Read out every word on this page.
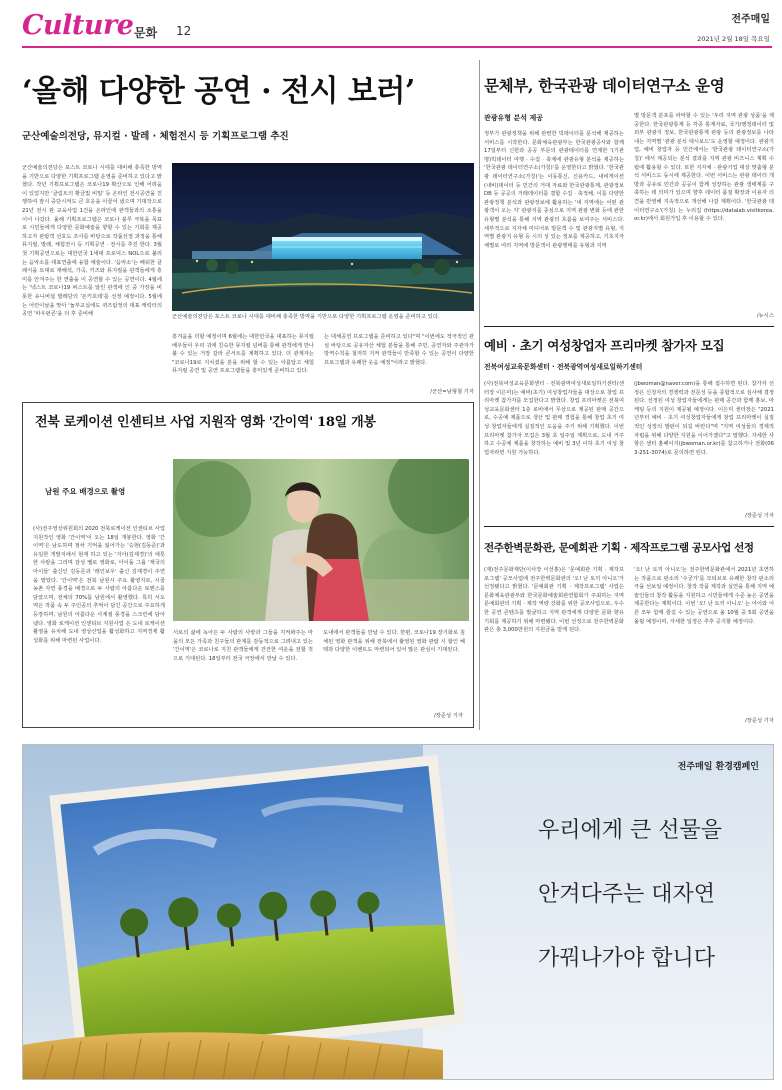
Culture 문화 12
전주매일
2021년 2월 18일 목요일
‘올해 다양한 공연 · 전시 보러’
군산예술의전당, 뮤지컬 · 발레 · 체험전시 등 기획프로그램 추진
군산예술의전당은 포스트 코로나 시대를 대비해 충족한 방역을 기반으로 다양한 기획프로그램 운영을 준비하고 있다고 밝혔다. 작년 기획프로그램은 코로나19 확산으로 인해 어려움이 있었지만 '클림트의 황금빛 비밀' 등 온라인 전시공연을 진행하여 잠시 중단시켜도 큰 호응을 이끌어 냈으며 기대작으로 21년 전시 관 교육사업 1건을 온라인에 관객들과의 소통을 이어 나갔다. 올해 기획프로그램은 코로나 블루 극복을 목표로 시민들에게 다양한 문화예술을 향할 수 있는 기회를 제공하고자 관람객 선호도 조사를 바탕으로 작품선정 과정을 통해 뮤지컬, 발레, 체험전시 등 기획공연 · 전시를 추진 한다. 3월 첫 기획공연으로는 대한민국 1세대 프로덕스 NOL으로 불리는 음악소를 대표연출에 융합 예술이다. '음악소'는 배워한 클래식을 토대로 재해석, 가곡, 키즈와 뮤지컬을 관객들에게 흥미를 안겨주는 한 연출을 이 공연할 수 있는 공연이다. 4월에는 '넥스트 코로나19 퍼스트를 알린 관객에 인 중 가장을 비롯한 유니버셜 발레단의 '돈키호테'를 선정 예정이다. 5월에는 어린이날을 맞아 '놀부교실에도 퀴즈탐정의 대표 캐릭터의 공연 '파우펀콘'을 더 후 준비해	군산예술의전당은 포스트 코로나 시대를 대비해 충족한 방역을 기반으로 다양한 기획프로그램 운영을 준비하고 있다.
흥겨움을 더할 예정이며 6월에는 대한민국을 대표하는 뮤지컬 배우들이 우리 귀에 친숙한 뮤지컬 넘버를 통해 관객에게 만나 볼 수 있는 거장 갈라 콘서트를 계획하고 있다. 더 관계자는 "코로나19로 지치셨을 분을 위해 할 수 있는 아름답고 체험 뮤지컬 공연 및 공연 프로그램들을 흥미있게 준비하고 있다.
는 대체공연 프로그램을 준비하고 있다"며 "이번에도 적극적인 관심 바탕으로 공유자산 체험 분들을 통해 주민, 공연자와 주관자가 방역수칙을 철저히 지켜 관객들이 만족할 수 있는 공연이 다양한 프로그램과 유쾌한 웃음 예정"이라고 밝혔다.
/군산=남형철 기자
문체부, 한국관광 데이터연구소 운영
관광유형 분석 제공
정부가 관광정책을 위해 관련한 빅데이터를 문석해 제공하는 서비스를 시작한다. 문화체육관광부는 한국관광공사와 함께 17일부터 신한과 공공 부문의 관광데이터를 연계한 '(기관명)빅데이터 여행 · 수집 · 축제에 관광유형 분석을 제공하는 '한국관광 데이터연구소(가칭)'를 운영한다고 밝혔다. '한국관광 데이터연구소(가칭)'는 이동통신, 신용카드, 내비게이션(내비)데이터 등 민간의 거대 자료와 한국관광통계, 관광정보DB 등 공공의 거래데이터를 결합 수집 · 축적해, 이를 다양한 관광정책 분석과 관광정보에 활용하는 '내 지역에는 어떤 관광객이 오는 지' 관광지를 중심으로 지역 관광 변화 등에 관한 유형별 분석을 통해 지역 관광의 흐름을 보여주는 서비스다. 세부적으로 지자체 미디어로 방문객 수 및 관광지별 유형, 지역별 관광지 유형 등 시의 성 있는 정보를 제공하고, 기초지자체별로 여러 지역에 방문객이 관광행태를 유형과 지역
별 방문객 분포를 파악할 수 있는 '우리 지역 관광 상품'을 제공한다. 한국관광통계 등 각종 통계자료, 국가/행정데이터 및 외부 관광지 정보, 한국관광통계 관광 등의 관광정보를 나타내는 지역별 '관광 분석 대시보드'도 운영할 예정이다. 관광기업, 예비 창업자 등 민간에서는 '한국관광 데이터연구소(가칭)' 에서 제공되는 분석 결과를 지역 관광 비즈니스 계획 수립에 활용할 수 있다. 또한 지자체 · 관광기업 대상 맞춤형 분석 서비스도 동시에 제공한다. 이번 서비스는 관광 데이터 개방과 공유로 민간과 공공이 함께 성장하는 관광 생태계를 구축하는 데 의미가 있으며 향후 데이터 품질 확장과 이용자 의견을 반영해 지속적으로 개선해 나갈 계획이다. '한국관광 데이터연구소'(가칭) 는 누리집 (https://datalab.visitkorea.or.kr)에서 회원가입 후 이용할 수 있다.
/뉴시스
예비 · 초기 여성창업자 프리마켓 참가자 모집
전북여성교육문화센터 · 전북광역여성새로일하기센터
(사)전북여성교육문화센터 · 전북광역여성새로일하기센터(센터장 이은미)는 예비(초기) 여성창업자들을 대상으로 창업 프리마켓 참가자를 모집한다고 밝혔다. 창업 프리마켓은 전북여성교육문화센터 1층 로비에서 무상으로 제공된 판매 공간으로, 수공예 제품으로 생산 및 판매 경험을 통해 창업 초기 여성 창업자들에게 실질적인 도움을 주기 위해 기획했다. 이번 프리마켓 참가자 모집은 3월 초 일주일 계획으로, 도내 거주하고 수공예 제품을 창작하는 예비 및 3년 이하 초기 여성 창업자라면 지원 가능하다.
(jbwoman@naver.com)을 통해 접수하면 된다. 참가자 선정은 신청자의 경쟁력과 전문성 등을 종합적으로 심사해 결정된다. 선정된 여성 창업자들에게는 판매 공간과 함께 홍보, 마케팅 등의 지원이 제공될 예정이다. 이은미 센터장은 "2021년부터 예비 · 초기 여성창업자들에게 창업 프리마켓이 실질적인 성장의 발판이 되길 바란다"며 "지역 여성들의 경제적 자립을 위해 다양한 지원을 이어가겠다"고 말했다. 자세한 사항은 센터 홈페이지(jbwoman.or.kr)를 참고하거나 전화(063-251-3074)로 문의하면 된다.
/장준성 기자
전주한벽문화관, 문예회관 기획 · 제작프로그램 공모사업 선정
(재)전주문화재단(이사장 이선홍)은 '문예회관 기획 · 제작프로그램' 공모사업에 전주한벽문화관의 '오! 난 토끼 아니오'가 선정됐다고 밝혔다. '문예회관 기획 · 제작프로그램' 사업은 문화체육관광부와 한국문화예술회관연합회가 주최하는 지역 문예회관의 기획 · 제작 역량 강화를 위한 공모사업으로, 우수한 공연 콘텐츠를 발굴하고 지역 관객에게 다양한 문화 향유 기회를 제공하기 위해 마련됐다. 이번 선정으로 전주한벽문화관은 총 3,000만원의 지원금을 받게 된다.
'오! 난 토끼 아니오'는 전주한벽문화관에서 2021년 초연하는 작품으로 판소리 '수궁가'를 모티브로 유쾌한 창작 판소리극을 선보일 예정이다. 창작 작품 제작과 실연을 통해 지역 예술인들의 창작 활동을 지원하고 시민들에게 수준 높은 공연을 제공한다는 계획이다. 이번 '오! 난 토끼 아니오' 는 아이와 어른 모두 함께 즐길 수 있는 공연으로 올 10월 중 5회 공연을 올릴 예정이며, 자세한 일정은 추후 공지할 예정이다.
/장준성 기자
전북 로케이션 인센티브 사업 지원작 영화 '간이역' 18일 개봉
남원 주요 배경으로 촬영
(사)전주영상위원회의 2020 전북로케이션 인센티브 사업 지원작인 영화 '간이역'이 오는 18일 개봉한다. 영화 '간이역'은 남도하며 점차 기억을 잃어가는 '승현(김동준)'과 유일한 개발지에서 현재 하고 있는 '지아(김재경)'의 애틋한 사랑을 그리며 감성 멜로 영화로, 아이돌 그룹 '제국의 아이들' 출신인 김동준과 '레인보우' 출신 김재경이 주연을 맡았다. '간이역'은 전북 남원시 주요 촬영지로, 시골 농촌 자연 풍경을 배경으로 두 사람의 아름다운 로맨스를 담았으며, 전체의 70%를 남원에서 촬영했다. 특히 서도역은 작품 속 두 주인공의 추억이 담긴 공간으로 주요하게 등장하며, 남원의 아름다운 사계절 풍경을 스크린에 담아냈다. 영화 로케이션 인센티브 지원사업 은 도내 로케이션 촬영을 유치해 도내 영상산업을 활성화하고 지역경제 활성화를 위해 마련된 사업이다.
서로의 삶에 녹아든 두 사람의 사랑과 그들을 지켜봐주는 마을의 모든 가족과 친구들의 관계를 감동적으로 그려내고 있는 '간이역'은 코로나로 지친 관객들에게 잔잔한 여운을 전할 것으로 기대된다. 18일부터 전국 극장에서 만날 수 있다.
도내에서 관객들을 만날 수 있다. 한편, 코로나19 장기화로 침체된 영화 관객을 위해 전북에서 촬영된 영화 관람 시 할인 혜택과 다양한 이벤트도 마련되어 있어 많은 관심이 기대된다.
/장준성 기자
전주매일 환경캠페인
우리에게 큰 선물을
안겨다주는 대자연
가꿔나가야 합니다
